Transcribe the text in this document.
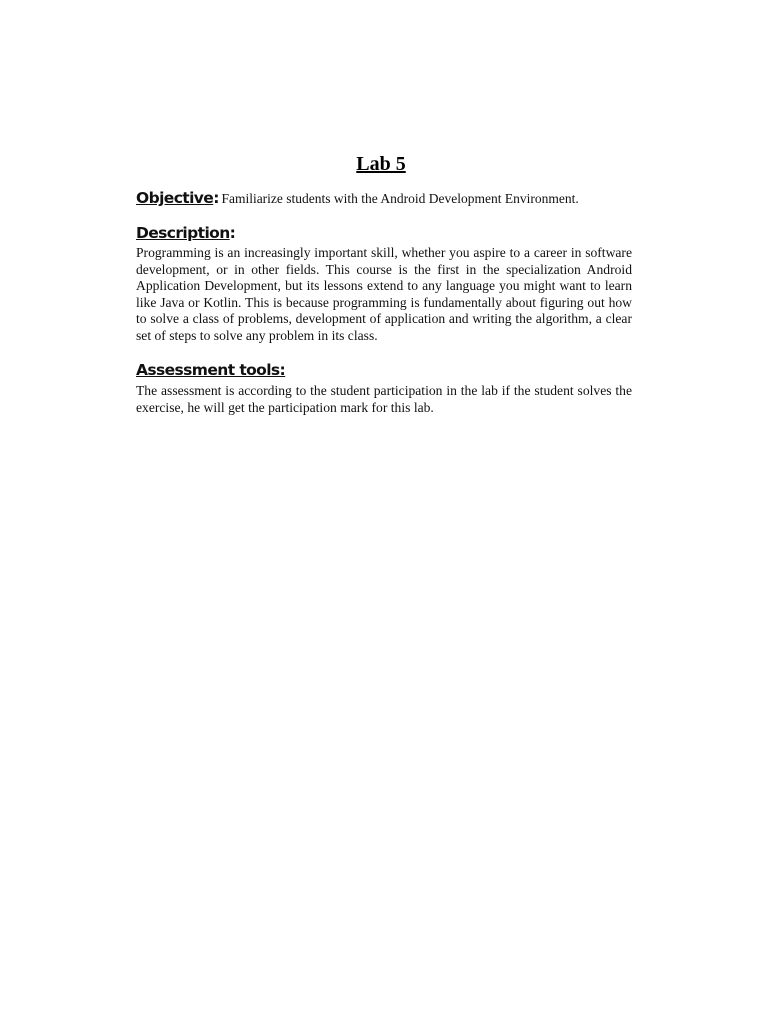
Lab 5

Objective: Familiarize students with the Android Development Environment.

Description:

Programming is an increasingly important skill, whether you aspire to a career in software development, or in other fields. This course is the first in the specialization Android Application Development, but its lessons extend to any language you might want to learn like Java or Kotlin. This is because programming is fundamentally about figuring out how to solve a class of problems, development of application and writing the algorithm, a clear set of steps to solve any problem in its class.

Assessment tools:

The assessment is according to the student participation in the lab if the student solves the exercise, he will get the participation mark for this lab.
